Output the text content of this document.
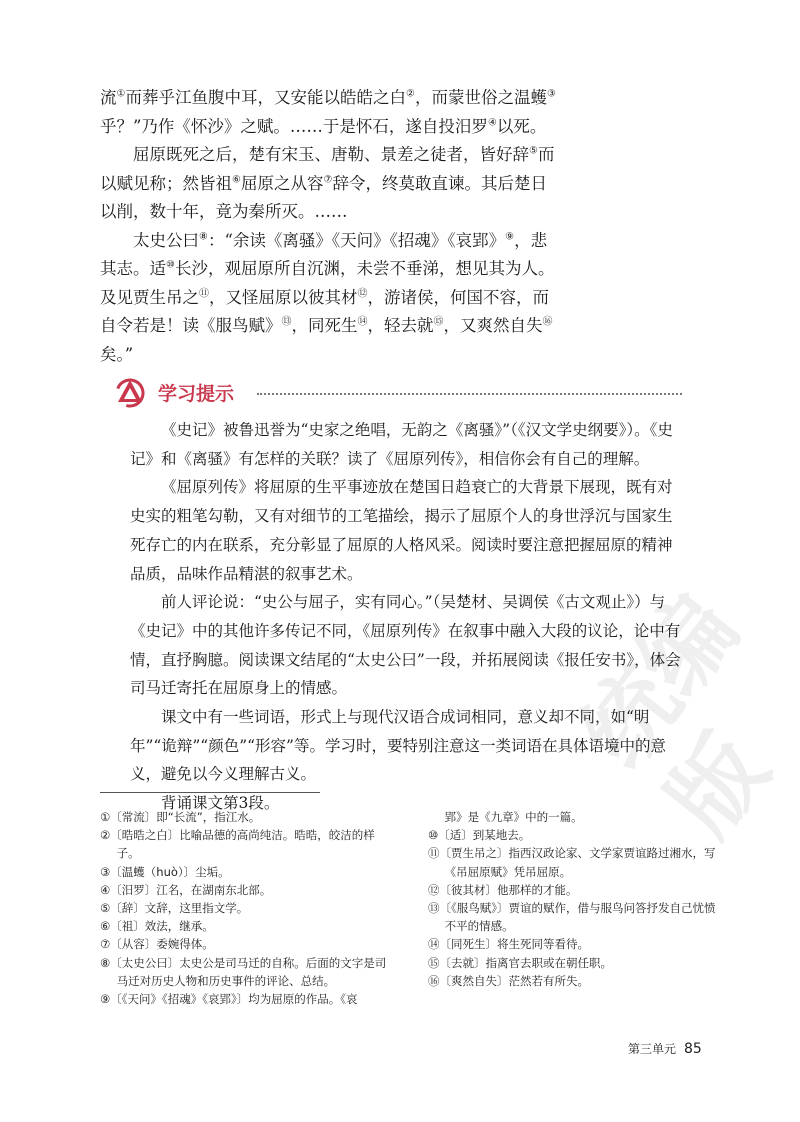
统编版

流①而葬乎江鱼腹中耳，又安能以皓皓之白②，而蒙世俗之温蠖③乎？”乃作《怀沙》之赋。……于是怀石，遂自投汨罗④以死。

屈原既死之后，楚有宋玉、唐勒、景差之徒者，皆好辞⑤而以赋见称；然皆祖⑥屈原之从容⑦辞令，终莫敢直谏。其后楚日以削，数十年，竟为秦所灭。……

太史公曰⑧：“余读《离骚》《天问》《招魂》《哀郢》⑨，悲其志。适⑩长沙，观屈原所自沉渊，未尝不垂涕，想见其为人。及见贾生吊之⑪，又怪屈原以彼其材⑫，游诸侯，何国不容，而自令若是！读《服鸟赋》⑬，同死生⑭，轻去就⑮，又爽然自失⑯矣。”

学习提示

《史记》被鲁迅誉为“史家之绝唱，无韵之《离骚》”（《汉文学史纲要》）。《史记》和《离骚》有怎样的关联？读了《屈原列传》，相信你会有自己的理解。

《屈原列传》将屈原的生平事迹放在楚国日趋衰亡的大背景下展现，既有对史实的粗笔勾勒，又有对细节的工笔描绘，揭示了屈原个人的身世浮沉与国家生死存亡的内在联系，充分彰显了屈原的人格风采。阅读时要注意把握屈原的精神品质，品味作品精湛的叙事艺术。

前人评论说：“史公与屈子，实有同心。”（吴楚材、吴调侯《古文观止》）与《史记》中的其他许多传记不同，《屈原列传》在叙事中融入大段的议论，论中有情，直抒胸臆。阅读课文结尾的“太史公曰”一段，并拓展阅读《报任安书》，体会司马迁寄托在屈原身上的情感。

课文中有一些词语，形式上与现代汉语合成词相同，意义却不同，如“明年”“诡辩”“颜色”“形容”等。学习时，要特别注意这一类词语在具体语境中的意义，避免以今义理解古义。

背诵课文第3段。

①〔常流〕即“长流”，指江水。

②〔晧晧之白〕比喻品德的高尚纯洁。晧晧，皎洁的样子。

③〔温蠖（huò）〕尘垢。

④〔汨罗〕江名，在湖南东北部。

⑤〔辞〕文辞，这里指文学。

⑥〔祖〕效法，继承。

⑦〔从容〕委婉得体。

⑧〔太史公曰〕太史公是司马迁的自称。后面的文字是司马迁对历史人物和历史事件的评论、总结。

⑨〔《天问》《招魂》《哀郢》〕均为屈原的作品。《哀

郢》是《九章》中的一篇。

⑩〔适〕到某地去。

⑪〔贾生吊之〕指西汉政论家、文学家贾谊路过湘水，写《吊屈原赋》凭吊屈原。

⑫〔彼其材〕他那样的才能。

⑬〔《服鸟赋》〕贾谊的赋作，借与服鸟问答抒发自己忧愤不平的情感。

⑭〔同死生〕将生死同等看待。

⑮〔去就〕指离官去职或在朝任职。

⑯〔爽然自失〕茫然若有所失。

第三单元 85
